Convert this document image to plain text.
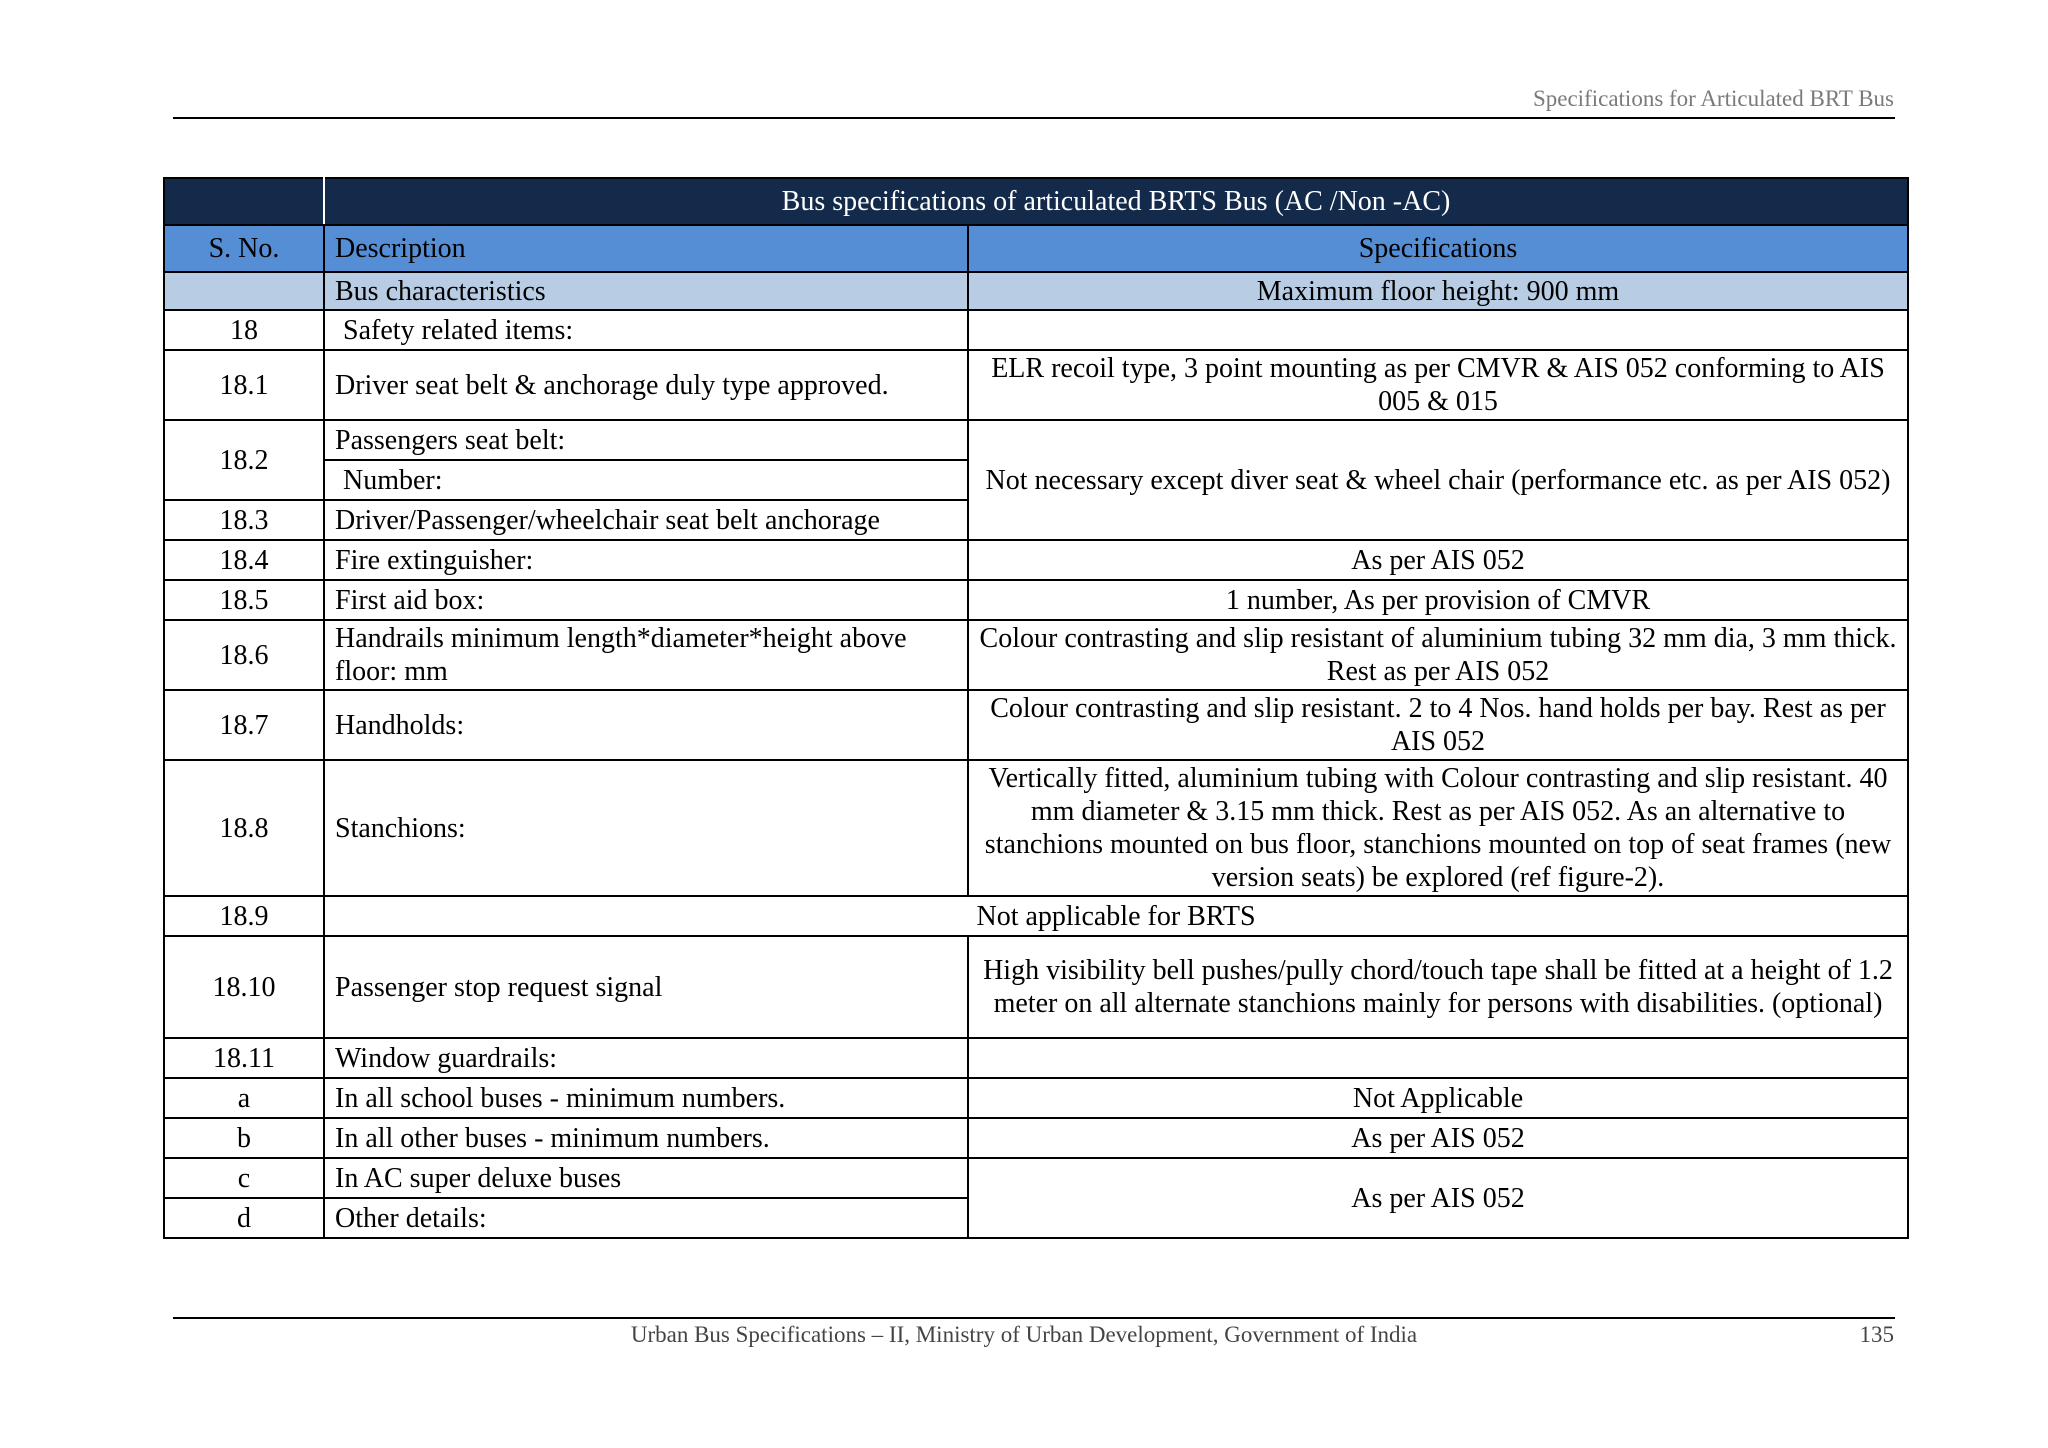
Specifications for Articulated BRT Bus
	Bus specifications of articulated BRTS Bus (AC /Non -AC)	
S. No.	Description	Specifications
	Bus characteristics	Maximum floor height: 900 mm
18	Safety related items:	
18.1	Driver seat belt & anchorage duly type approved.	ELR recoil type, 3 point mounting as per CMVR & AIS 052 conforming to AIS 005 & 015
18.2	Passengers seat belt:	Not necessary except diver seat & wheel chair (performance etc. as per AIS 052)
	Number:	
18.3	Driver/Passenger/wheelchair seat belt anchorage	
18.4	Fire extinguisher:	As per AIS 052
18.5	First aid box:	1 number, As per provision of CMVR
18.6	Handrails minimum length*diameter*height above floor: mm	Colour contrasting and slip resistant of aluminium tubing 32 mm dia, 3 mm thick. Rest as per AIS 052
18.7	Handholds:	Colour contrasting and slip resistant. 2 to 4 Nos. hand holds per bay. Rest as per AIS 052
18.8	Stanchions:	Vertically fitted, aluminium tubing with Colour contrasting and slip resistant. 40 mm diameter & 3.15 mm thick. Rest as per AIS 052. As an alternative to stanchions mounted on bus floor, stanchions mounted on top of seat frames (new version seats) be explored (ref figure-2).
18.9	Not applicable for BRTS	
18.10	Passenger stop request signal	High visibility bell pushes/pully chord/touch tape shall be fitted at a height of 1.2 meter on all alternate stanchions mainly for persons with disabilities. (optional)
18.11	Window guardrails:	
a	In all school buses - minimum numbers.	Not Applicable
b	In all other buses - minimum numbers.	As per AIS 052
c	In AC super deluxe buses	As per AIS 052
d	Other details:	
Urban Bus Specifications – II, Ministry of Urban Development, Government of India	135
